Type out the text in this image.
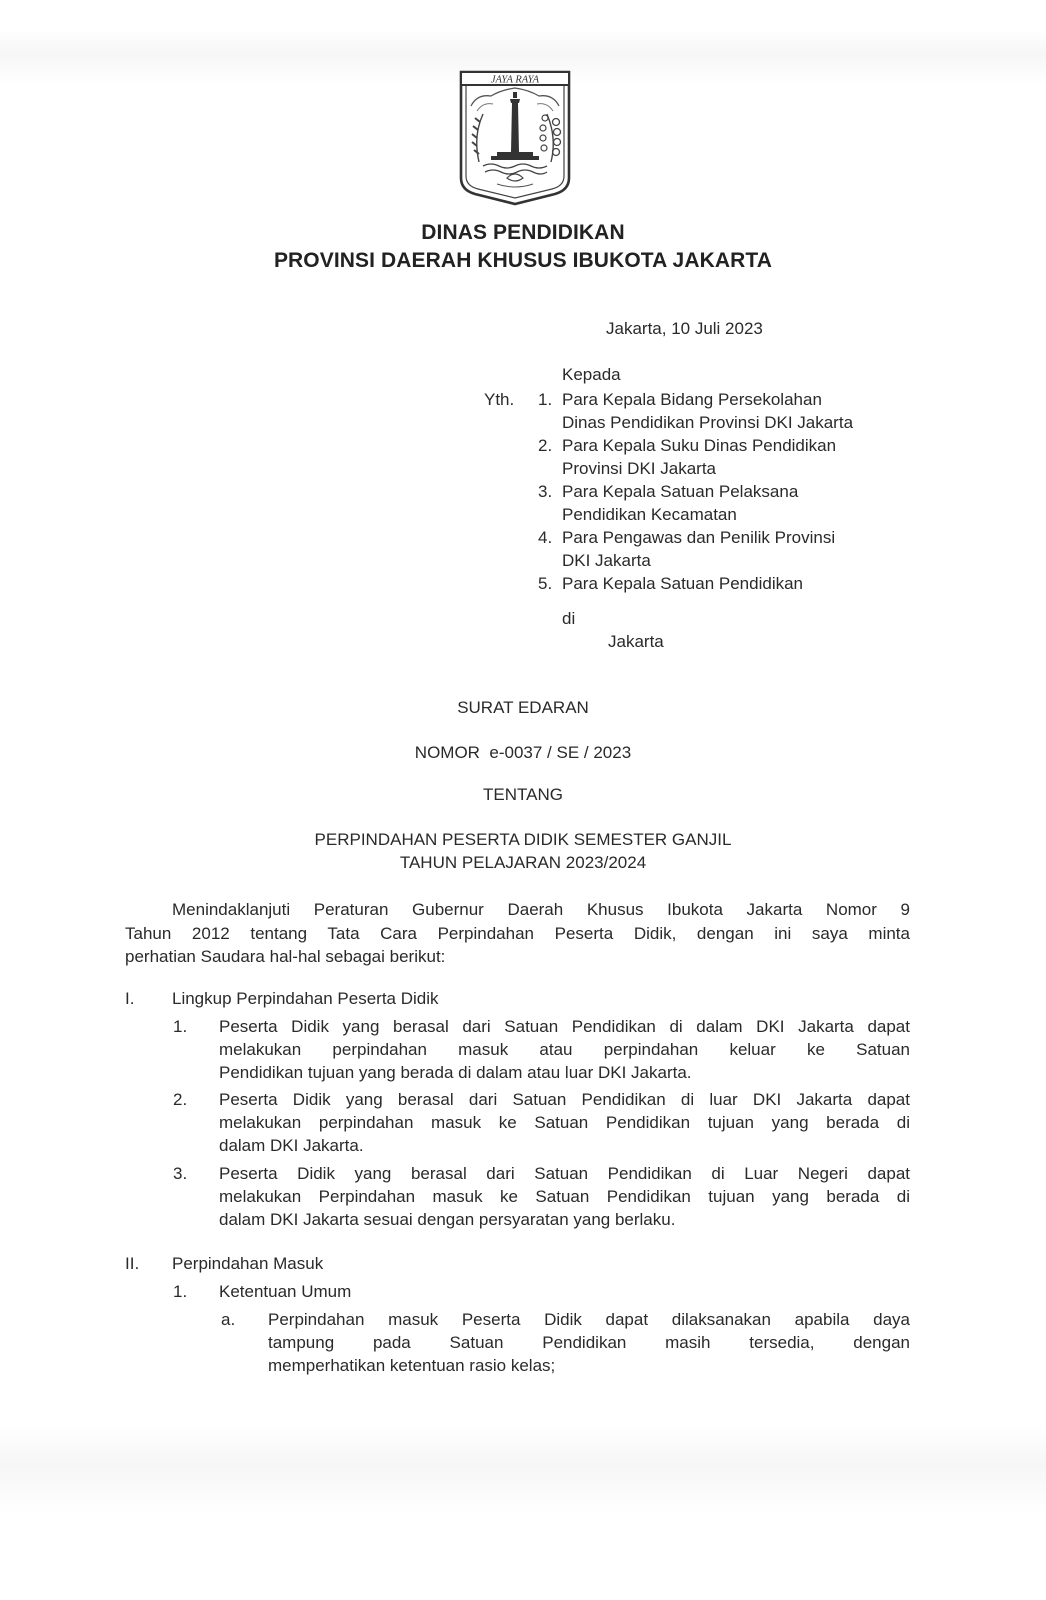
JAYA RAYA
DINAS PENDIDIKAN
PROVINSI DAERAH KHUSUS IBUKOTA JAKARTA
Jakarta, 10 Juli 2023
Kepada
Yth. 1. Para Kepala Bidang Persekolahan
Dinas Pendidikan Provinsi DKI Jakarta
2. Para Kepala Suku Dinas Pendidikan
Provinsi DKI Jakarta
3. Para Kepala Satuan Pelaksana
Pendidikan Kecamatan
4. Para Pengawas dan Penilik Provinsi
DKI Jakarta
5. Para Kepala Satuan Pendidikan
di
Jakarta
SURAT EDARAN
NOMOR  e-0037 / SE / 2023
TENTANG
PERPINDAHAN PESERTA DIDIK SEMESTER GANJIL
TAHUN PELAJARAN 2023/2024
Menindaklanjuti Peraturan Gubernur Daerah Khusus Ibukota Jakarta Nomor 9
Tahun 2012 tentang Tata Cara Perpindahan Peserta Didik, dengan ini saya minta
perhatian Saudara hal-hal sebagai berikut:
I. Lingkup Perpindahan Peserta Didik
1. Peserta Didik yang berasal dari Satuan Pendidikan di dalam DKI Jakarta dapat
melakukan perpindahan masuk atau perpindahan keluar ke Satuan
Pendidikan tujuan yang berada di dalam atau luar DKI Jakarta.
2. Peserta Didik yang berasal dari Satuan Pendidikan di luar DKI Jakarta dapat
melakukan perpindahan masuk ke Satuan Pendidikan tujuan yang berada di
dalam DKI Jakarta.
3. Peserta Didik yang berasal dari Satuan Pendidikan di Luar Negeri dapat
melakukan Perpindahan masuk ke Satuan Pendidikan tujuan yang berada di
dalam DKI Jakarta sesuai dengan persyaratan yang berlaku.
II. Perpindahan Masuk
1. Ketentuan Umum
a. Perpindahan masuk Peserta Didik dapat dilaksanakan apabila daya
tampung pada Satuan Pendidikan masih tersedia, dengan
memperhatikan ketentuan rasio kelas;
